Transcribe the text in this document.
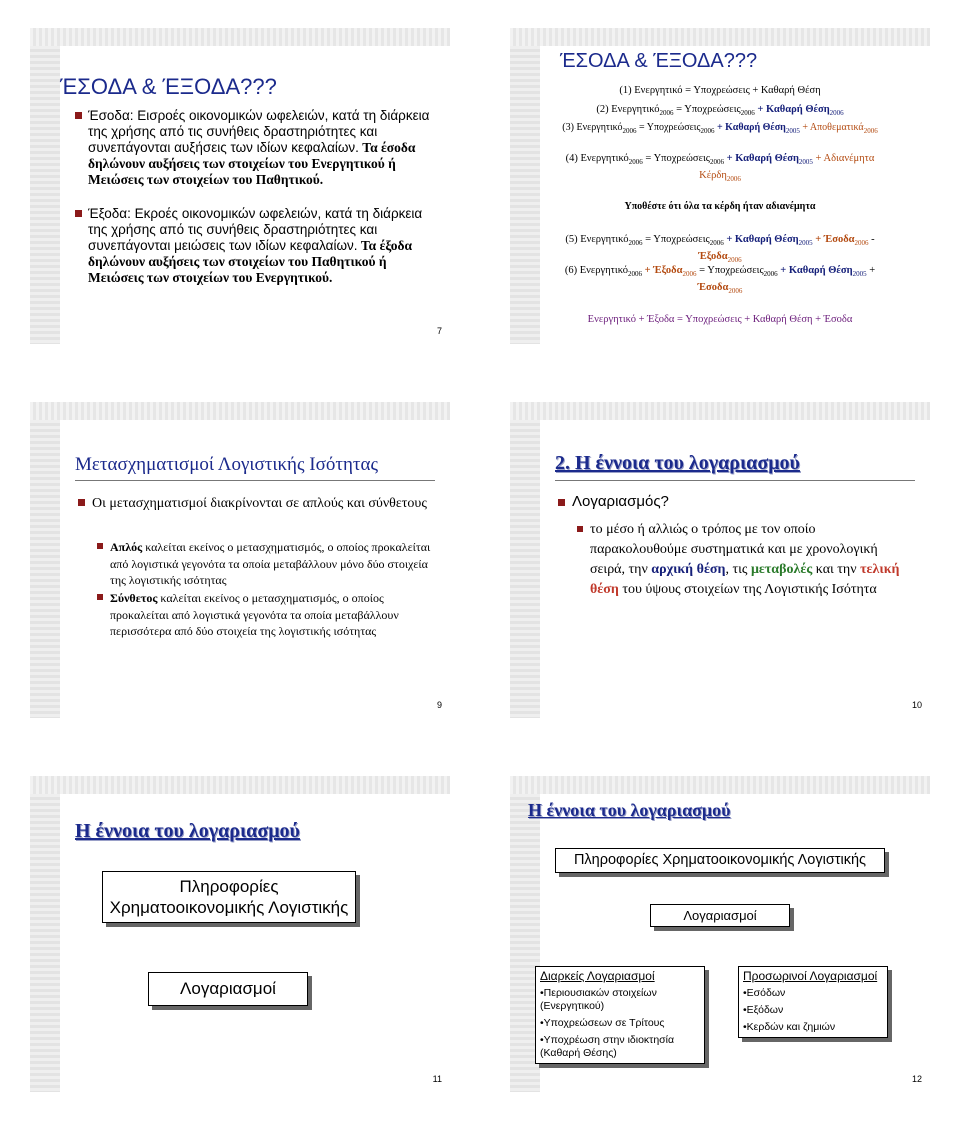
ΈΣΟΔΑ & ΈΞΟΔΑ???
Έσοδα: Εισροές οικονομικών ωφελειών, κατά τη διάρκεια της χρήσης από τις συνήθεις δραστηριότητες και συνεπάγονται αυξήσεις των ιδίων κεφαλαίων. Τα έσοδα δηλώνουν αυξήσεις των στοιχείων του Ενεργητικού ή Μειώσεις των στοιχείων του Παθητικού.
Έξοδα: Εκροές οικονομικών ωφελειών, κατά τη διάρκεια της χρήσης από τις συνήθεις δραστηριότητες και συνεπάγονται μειώσεις των ιδίων κεφαλαίων. Τα έξοδα δηλώνουν αυξήσεις των στοιχείων του Παθητικού ή Μειώσεις των στοιχείων του Ενεργητικού.
7
ΈΣΟΔΑ & ΈΞΟΔΑ???
(1) Ενεργητικό = Υποχρεώσεις + Καθαρή Θέση
(2) Ενεργητικό$_{2006}$ = Υποχρεώσεις$_{2006}$ + Καθαρή Θέση$_{2006}$
(3) Ενεργητικό$_{2006}$ = Υποχρεώσεις$_{2006}$ + Καθαρή Θέση$_{2005}$ + Αποθεματικά$_{2006}$
(4) Ενεργητικό$_{2006}$ = Υποχρεώσεις$_{2006}$ + Καθαρή Θέση$_{2005}$ + Αδιανέμητα
Κέρδη$_{2006}$
Υποθέστε ότι όλα τα κέρδη ήταν αδιανέμητα
(5) Ενεργητικό$_{2006}$ = Υποχρεώσεις$_{2006}$ + Καθαρή Θέση$_{2005}$ + Έσοδα$_{2006}$ -
Έξοδα$_{2006}$
(6) Ενεργητικό$_{2006}$ + Έξοδα$_{2006}$ = Υποχρεώσεις$_{2006}$ + Καθαρή Θέση$_{2005}$ +
Έσοδα$_{2006}$
Ενεργητικό + Έξοδα = Υποχρεώσεις + Καθαρή Θέση + Έσοδα
Μετασχηματισμοί Λογιστικής Ισότητας
Οι μετασχηματισμοί διακρίνονται σε απλούς και σύνθετους
Απλός καλείται εκείνος ο μετασχηματισμός, ο οποίος προκαλείται από λογιστικά γεγονότα τα οποία μεταβάλλουν μόνο δύο στοιχεία της λογιστικής ισότητας
Σύνθετος καλείται εκείνος ο μετασχηματισμός, ο οποίος προκαλείται από λογιστικά γεγονότα τα οποία μεταβάλλουν περισσότερα από δύο στοιχεία της λογιστικής ισότητας
9
2. Η έννοια του λογαριασμού
Λογαριασμός?
το μέσο ή αλλιώς ο τρόπος με τον οποίο παρακολουθούμε συστηματικά και με χρονολογική σειρά, την αρχική θέση, τις μεταβολές και την τελική θέση του ύψους στοιχείων της Λογιστικής Ισότητα
10
Η έννοια του λογαριασμού
Πληροφορίες Χρηματοοικονομικής Λογιστικής
Λογαριασμοί
11
Η έννοια του λογαριασμού
Πληροφορίες Χρηματοοικονομικής Λογιστικής
Λογαριασμοί
Διαρκείς Λογαριασμοί
•Περιουσιακών στοιχείων (Ενεργητικού)
•Υποχρεώσεων σε Τρίτους
•Υποχρέωση στην ιδιοκτησία (Καθαρή Θέσης)
Προσωρινοί Λογαριασμοί
•Εσόδων
•Εξόδων
•Κερδών και ζημιών
12
